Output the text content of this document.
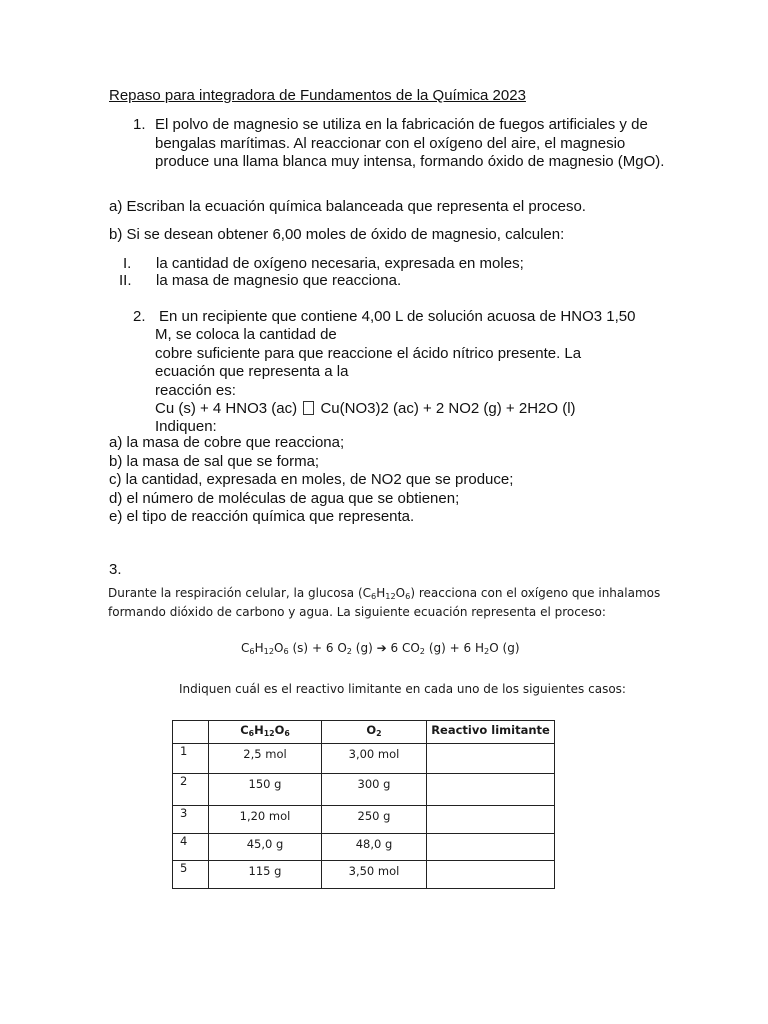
Repaso para integradora de Fundamentos de la Química 2023
1. El polvo de magnesio se utiliza en la fabricación de fuegos artificiales y de bengalas marítimas. Al reaccionar con el oxígeno del aire, el magnesio produce una llama blanca muy intensa, formando óxido de magnesio (MgO).
a) Escriban la ecuación química balanceada que representa el proceso.
b) Si se desean obtener 6,00 moles de óxido de magnesio, calculen:
I. la cantidad de oxígeno necesaria, expresada en moles;
II. la masa de magnesio que reacciona.
2. En un recipiente que contiene 4,00 L de solución acuosa de HNO3 1,50
M, se coloca la cantidad de
cobre suficiente para que reaccione el ácido nítrico presente. La
ecuación que representa a la
reacción es:
Cu (s) + 4 HNO3 (ac) Cu(NO3)2 (ac) + 2 NO2 (g) + 2H2O (l)
Indiquen:
a) la masa de cobre que reacciona;
b) la masa de sal que se forma;
c) la cantidad, expresada en moles, de NO2 que se produce;
d) el número de moléculas de agua que se obtienen;
e) el tipo de reacción química que representa.
3.
Durante la respiración celular, la glucosa $(C_6H_{12}O_6)$ reacciona con el oxígeno que inhalamos formando dióxido de carbono y agua. La siguiente ecuación representa el proceso:
$C_6H_{12}O_6$ (s) + 6 $O_2$ (g) ➔ 6 $CO_2$ (g) + 6 $H_2O$ (g)
Indiquen cuál es el reactivo limitante en cada uno de los siguientes casos:
	$C_6H_{12}O_6$	$O_2$	Reactivo limitante
1	2,5 mol	3,00 mol	
2	150 g	300 g	
3	1,20 mol	250 g	
4	45,0 g	48,0 g	
5	115 g	3,50 mol	
